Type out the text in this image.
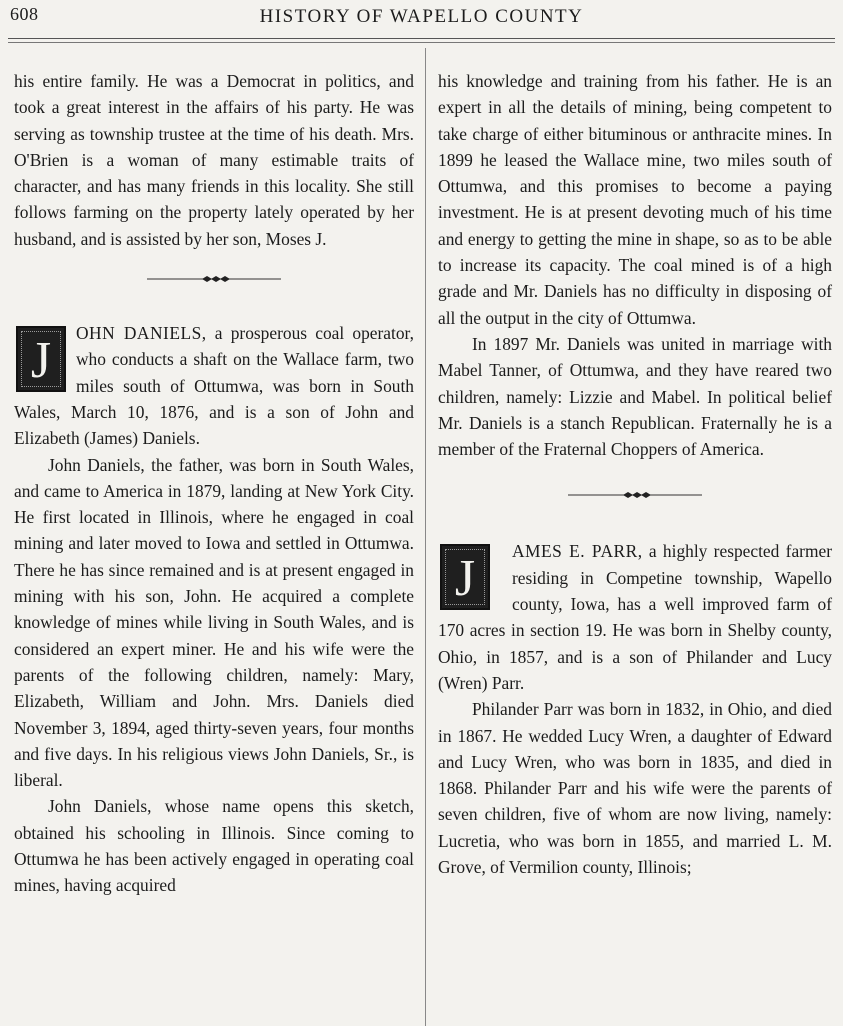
608	HISTORY OF WAPELLO COUNTY

his entire family. He was a Democrat in politics, and took a great interest in the affairs of his party. He was serving as township trustee at the time of his death. Mrs. O'Brien is a woman of many estimable traits of character, and has many friends in this locality. She still follows farming on the property lately operated by her husband, and is assisted by her son, Moses J.

J	OHN DANIELS, a prosperous coal operator, who conducts a shaft on the Wallace farm, two miles south of Ottumwa, was born in South Wales, March 10, 1876, and is a son of John and Elizabeth (James) Daniels.

John Daniels, the father, was born in South Wales, and came to America in 1879, landing at New York City. He first located in Illinois, where he engaged in coal mining and later moved to Iowa and settled in Ottumwa. There he has since remained and is at present engaged in mining with his son, John. He acquired a complete knowledge of mines while living in South Wales, and is considered an expert miner. He and his wife were the parents of the following children, namely: Mary, Elizabeth, William and John. Mrs. Daniels died November 3, 1894, aged thirty-seven years, four months and five days. In his religious views John Daniels, Sr., is liberal.

John Daniels, whose name opens this sketch, obtained his schooling in Illinois. Since coming to Ottumwa he has been actively engaged in operating coal mines, having acquired

his knowledge and training from his father. He is an expert in all the details of mining, being competent to take charge of either bituminous or anthracite mines. In 1899 he leased the Wallace mine, two miles south of Ottumwa, and this promises to become a paying investment. He is at present devoting much of his time and energy to getting the mine in shape, so as to be able to increase its capacity. The coal mined is of a high grade and Mr. Daniels has no difficulty in disposing of all the output in the city of Ottumwa.

In 1897 Mr. Daniels was united in marriage with Mabel Tanner, of Ottumwa, and they have reared two children, namely: Lizzie and Mabel. In political belief Mr. Daniels is a stanch Republican. Fraternally he is a member of the Fraternal Choppers of America.

J	AMES E. PARR, a highly respected farmer residing in Competine township, Wapello county, Iowa, has a well improved farm of 170 acres in section 19. He was born in Shelby county, Ohio, in 1857, and is a son of Philander and Lucy (Wren) Parr.

Philander Parr was born in 1832, in Ohio, and died in 1867. He wedded Lucy Wren, a daughter of Edward and Lucy Wren, who was born in 1835, and died in 1868. Philander Parr and his wife were the parents of seven children, five of whom are now living, namely: Lucretia, who was born in 1855, and married L. M. Grove, of Vermilion county, Illinois;
